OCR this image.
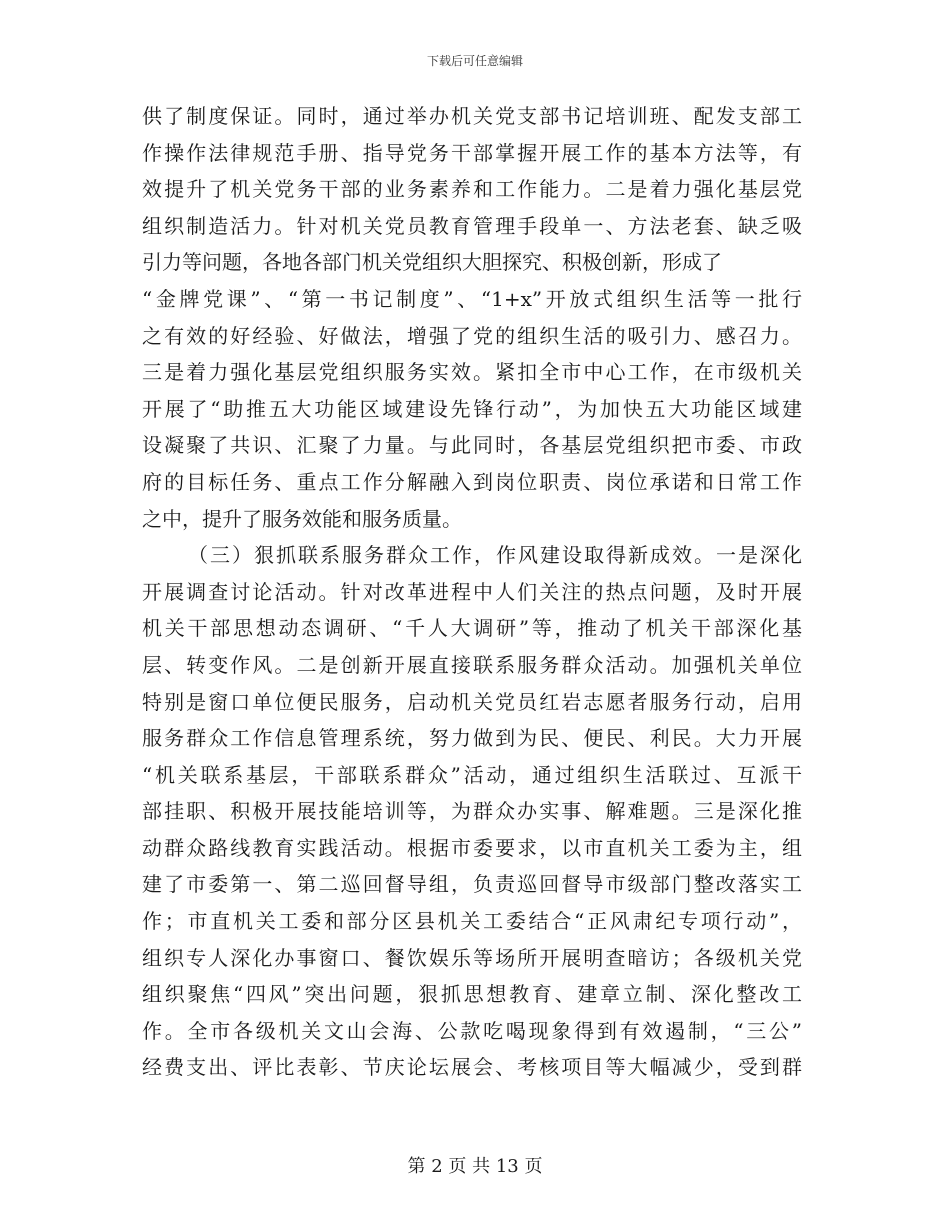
下载后可任意编辑
供了制度保证。同时，通过举办机关党支部书记培训班、配发支部工
作操作法律规范手册、指导党务干部掌握开展工作的基本方法等，有
效提升了机关党务干部的业务素养和工作能力。二是着力强化基层党
组织制造活力。针对机关党员教育管理手段单一、方法老套、缺乏吸
引力等问题，各地各部门机关党组织大胆探究、积极创新，形成了
“金牌党课”、“第一书记制度”、“1+x”开放式组织生活等一批行
之有效的好经验、好做法，增强了党的组织生活的吸引力、感召力。
三是着力强化基层党组织服务实效。紧扣全市中心工作，在市级机关
开展了“助推五大功能区域建设先锋行动”，为加快五大功能区域建
设凝聚了共识、汇聚了力量。与此同时，各基层党组织把市委、市政
府的目标任务、重点工作分解融入到岗位职责、岗位承诺和日常工作
之中，提升了服务效能和服务质量。
（三）狠抓联系服务群众工作，作风建设取得新成效。一是深化
开展调查讨论活动。针对改革进程中人们关注的热点问题，及时开展
机关干部思想动态调研、“千人大调研”等，推动了机关干部深化基
层、转变作风。二是创新开展直接联系服务群众活动。加强机关单位
特别是窗口单位便民服务，启动机关党员红岩志愿者服务行动，启用
服务群众工作信息管理系统，努力做到为民、便民、利民。大力开展
“机关联系基层，干部联系群众”活动，通过组织生活联过、互派干
部挂职、积极开展技能培训等，为群众办实事、解难题。三是深化推
动群众路线教育实践活动。根据市委要求，以市直机关工委为主，组
建了市委第一、第二巡回督导组，负责巡回督导市级部门整改落实工
作；市直机关工委和部分区县机关工委结合“正风肃纪专项行动”，
组织专人深化办事窗口、餐饮娱乐等场所开展明查暗访；各级机关党
组织聚焦“四风”突出问题，狠抓思想教育、建章立制、深化整改工
作。全市各级机关文山会海、公款吃喝现象得到有效遏制，“三公”
经费支出、评比表彰、节庆论坛展会、考核项目等大幅减少，受到群
第 2 页 共 13 页
